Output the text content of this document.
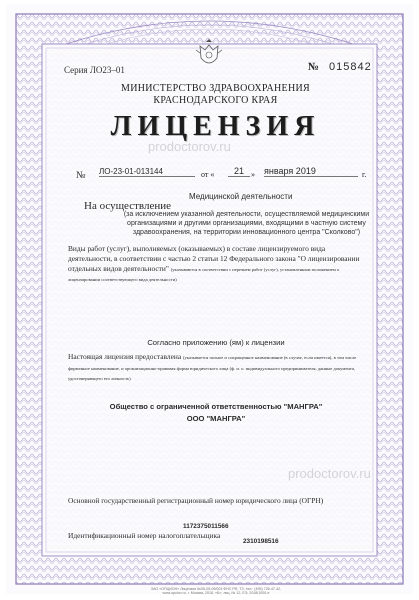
Серия ЛО23–01	№ 015842
МИНИСТЕРСТВО ЗДРАВООХРАНЕНИЯ
КРАСНОДАРСКОГО КРАЯ
ЛИЦЕНЗИЯ
prodoctorov.ru
prodoctorov.ru
№ ЛО-23-01-013144	от «	21 » января 2019	г.
Медицинской деятельности
На осуществление
(за исключением указанной деятельности, осуществляемой медицинскими организациями и другими организациями, входящими в частную систему здравоохранения, на территории инновационного центра "Сколково")
Виды работ (услуг), выполняемых (оказываемых) в составе лицензируемого вида деятельности, в соответствии с частью 2 статьи 12 Федерального закона "О лицензировании отдельных видов деятельности" (указываются в соответствии с перечнем работ (услуг), установленным положением о лицензировании соответствующего вида деятельности)
Согласно приложению (ям) к лицензии
Настоящая лицензия предоставлена (указывается полное и сокращенное наименование (в случае, если имеется), в том числе фирменное наименование, и организационно-правовая форма юридического лица (ф. и. о. индивидуального предпринимателя, данные документа, удостоверяющего его личность)
Общество с ограниченной ответственностью "МАНГРА"
ООО "МАНГРА"
Основной государственный регистрационный номер юридического лица (ОГРН)
1172375011566
Идентификационный номер налогоплательщика
2310198516
ЗАО «ОПЦИОН» Лицензия №05-05-09/003 ФНС РФ, ТЗ, тел.: (495) 726-47-42, www.opcion.ru, г. Москва, 2018, «Б», лиц. № 12, ЕЭ, 2018/1000-е
